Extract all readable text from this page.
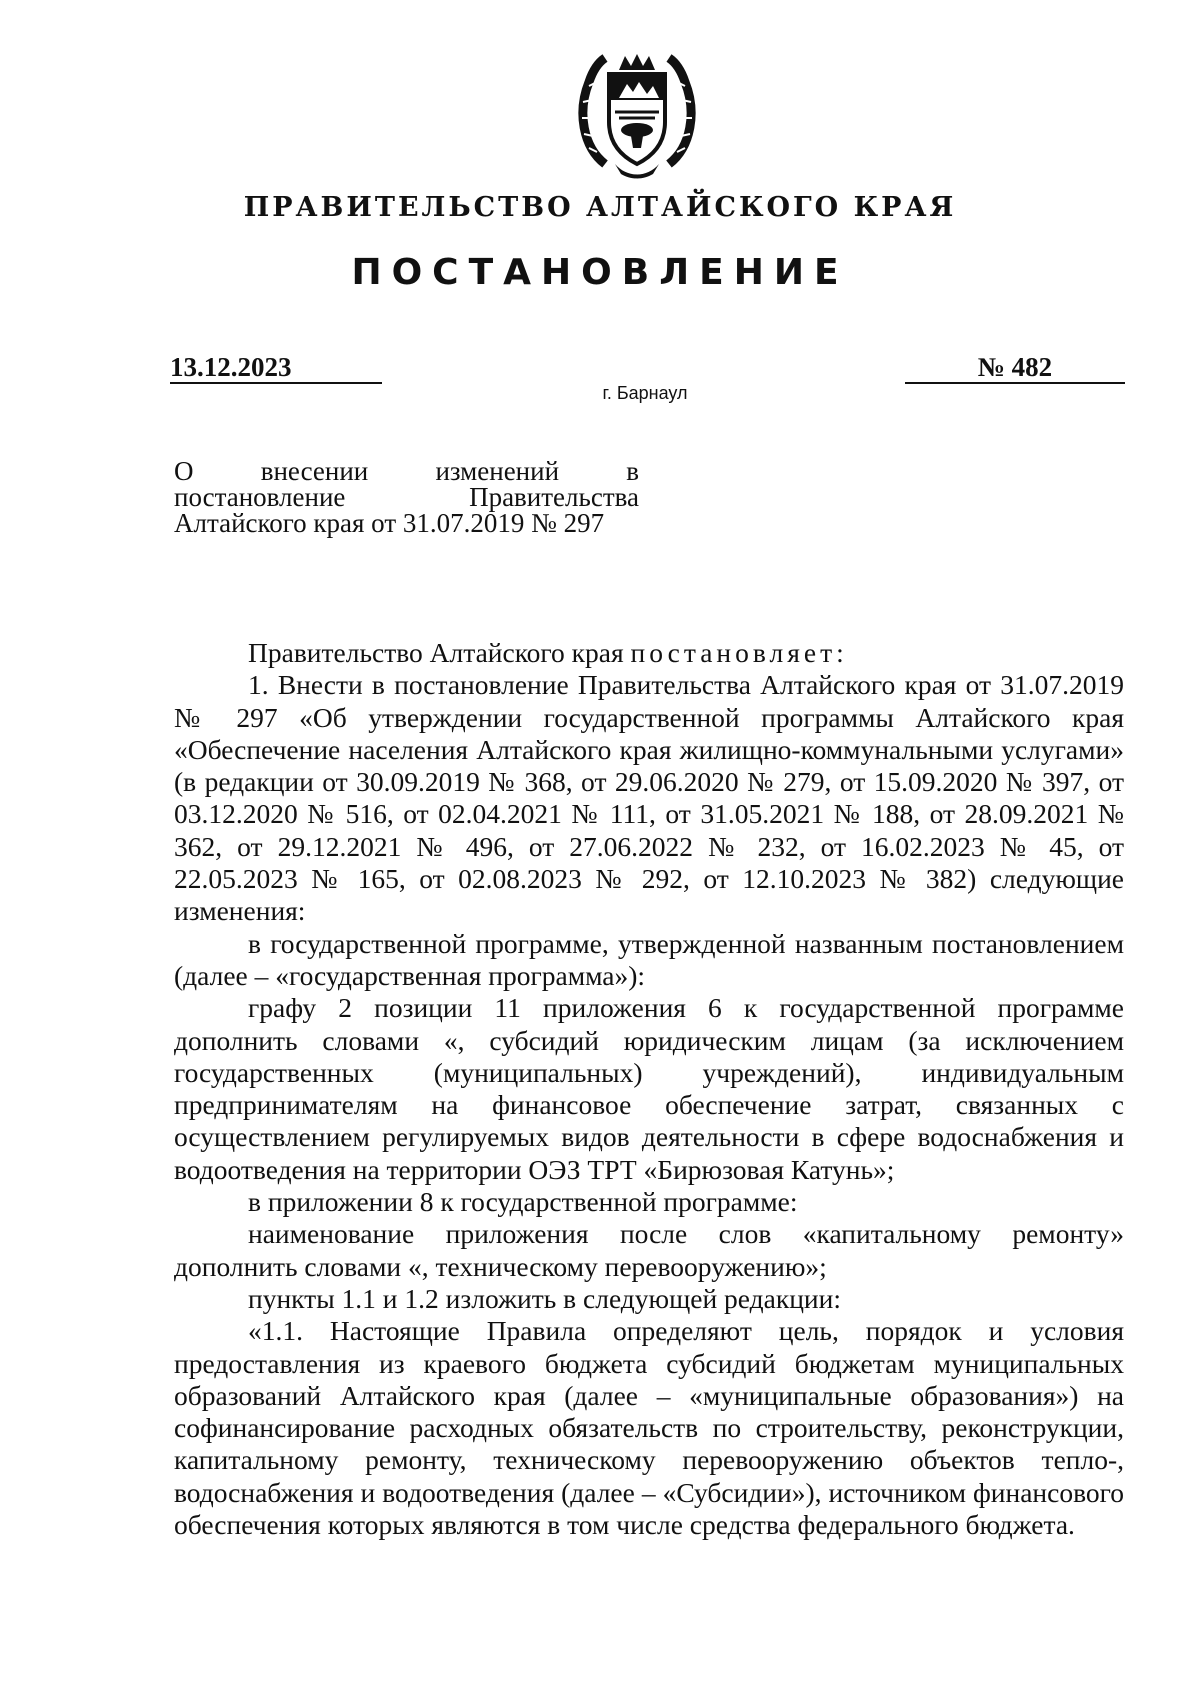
ПРАВИТЕЛЬСТВО АЛТАЙСКОГО КРАЯ
ПОСТАНОВЛЕНИЕ
13.12.2023	№ 482
г. Барнаул
О внесении изменений в
постановление	Правительства
Алтайского края от 31.07.2019 № 297

Правительство Алтайского края постановляет:

1. Внести в постановление Правительства Алтайского края от 31.07.2019 № 297 «Об утверждении государственной программы Алтайского края «Обеспечение населения Алтайского края жилищно-коммунальными услугами» (в редакции от 30.09.2019 № 368, от 29.06.2020 № 279, от 15.09.2020 № 397, от 03.12.2020 № 516, от 02.04.2021 № 111, от 31.05.2021 № 188, от 28.09.2021 № 362, от 29.12.2021 № 496, от 27.06.2022 № 232, от 16.02.2023 № 45, от 22.05.2023 № 165, от 02.08.2023 № 292, от 12.10.2023 № 382) следующие изменения:

в государственной программе, утвержденной названным постановлением (далее – «государственная программа»):

графу 2 позиции 11 приложения 6 к государственной программе дополнить словами «, субсидий юридическим лицам (за исключением государственных (муниципальных) учреждений), индивидуальным предпринимателям на финансовое обеспечение затрат, связанных с осуществлением регулируемых видов деятельности в сфере водоснабжения и водоотведения на территории ОЭЗ ТРТ «Бирюзовая Катунь»;

в приложении 8 к государственной программе:

наименование приложения после слов «капитальному ремонту» дополнить словами «, техническому перевооружению»;

пункты 1.1 и 1.2 изложить в следующей редакции:

«1.1. Настоящие Правила определяют цель, порядок и условия предоставления из краевого бюджета субсидий бюджетам муниципальных образований Алтайского края (далее – «муниципальные образования») на софинансирование расходных обязательств по строительству, реконструкции, капитальному ремонту, техническому перевооружению объектов тепло-, водоснабжения и водоотведения (далее – «Субсидии»), источником финансового обеспечения которых являются в том числе средства федерального бюджета.
